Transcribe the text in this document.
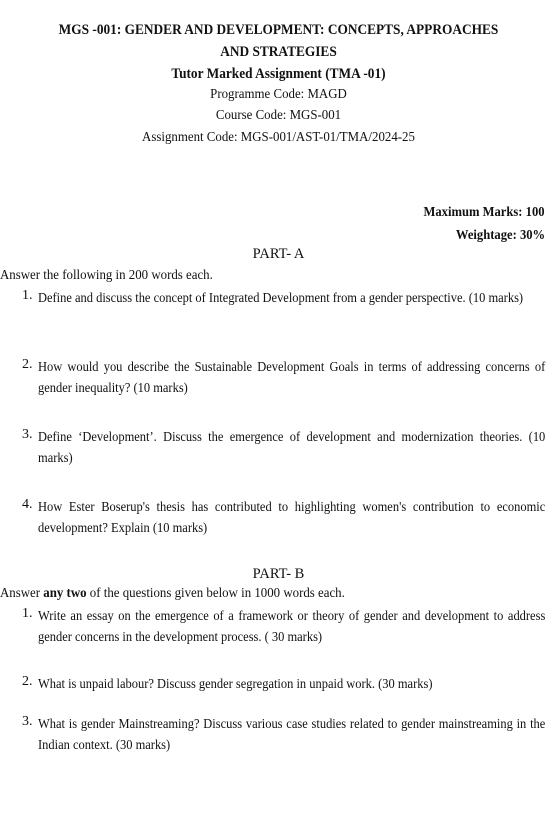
MGS -001: GENDER AND DEVELOPMENT: CONCEPTS, APPROACHES
AND STRATEGIES
Tutor Marked Assignment (TMA -01)
Programme Code: MAGD
Course Code: MGS-001
Assignment Code: MGS-001/AST-01/TMA/2024-25
Maximum Marks: 100
Weightage: 30%
PART- A
Answer the following in 200 words each.
1. Define and discuss the concept of Integrated Development from a gender perspective. (10 marks)
2. How would you describe the Sustainable Development Goals in terms of addressing concerns of gender inequality? (10 marks)
3. Define ‘Development’. Discuss the emergence of development and modernization theories. (10 marks)
4. How Ester Boserup's thesis has contributed to highlighting women's contribution to economic development? Explain (10 marks)
PART- B
Answer any two of the questions given below in 1000 words each.
1. Write an essay on the emergence of a framework or theory of gender and development to address gender concerns in the development process. ( 30 marks)
2. What is unpaid labour? Discuss gender segregation in unpaid work. (30 marks)
3. What is gender Mainstreaming? Discuss various case studies related to gender mainstreaming in the Indian context. (30 marks)
